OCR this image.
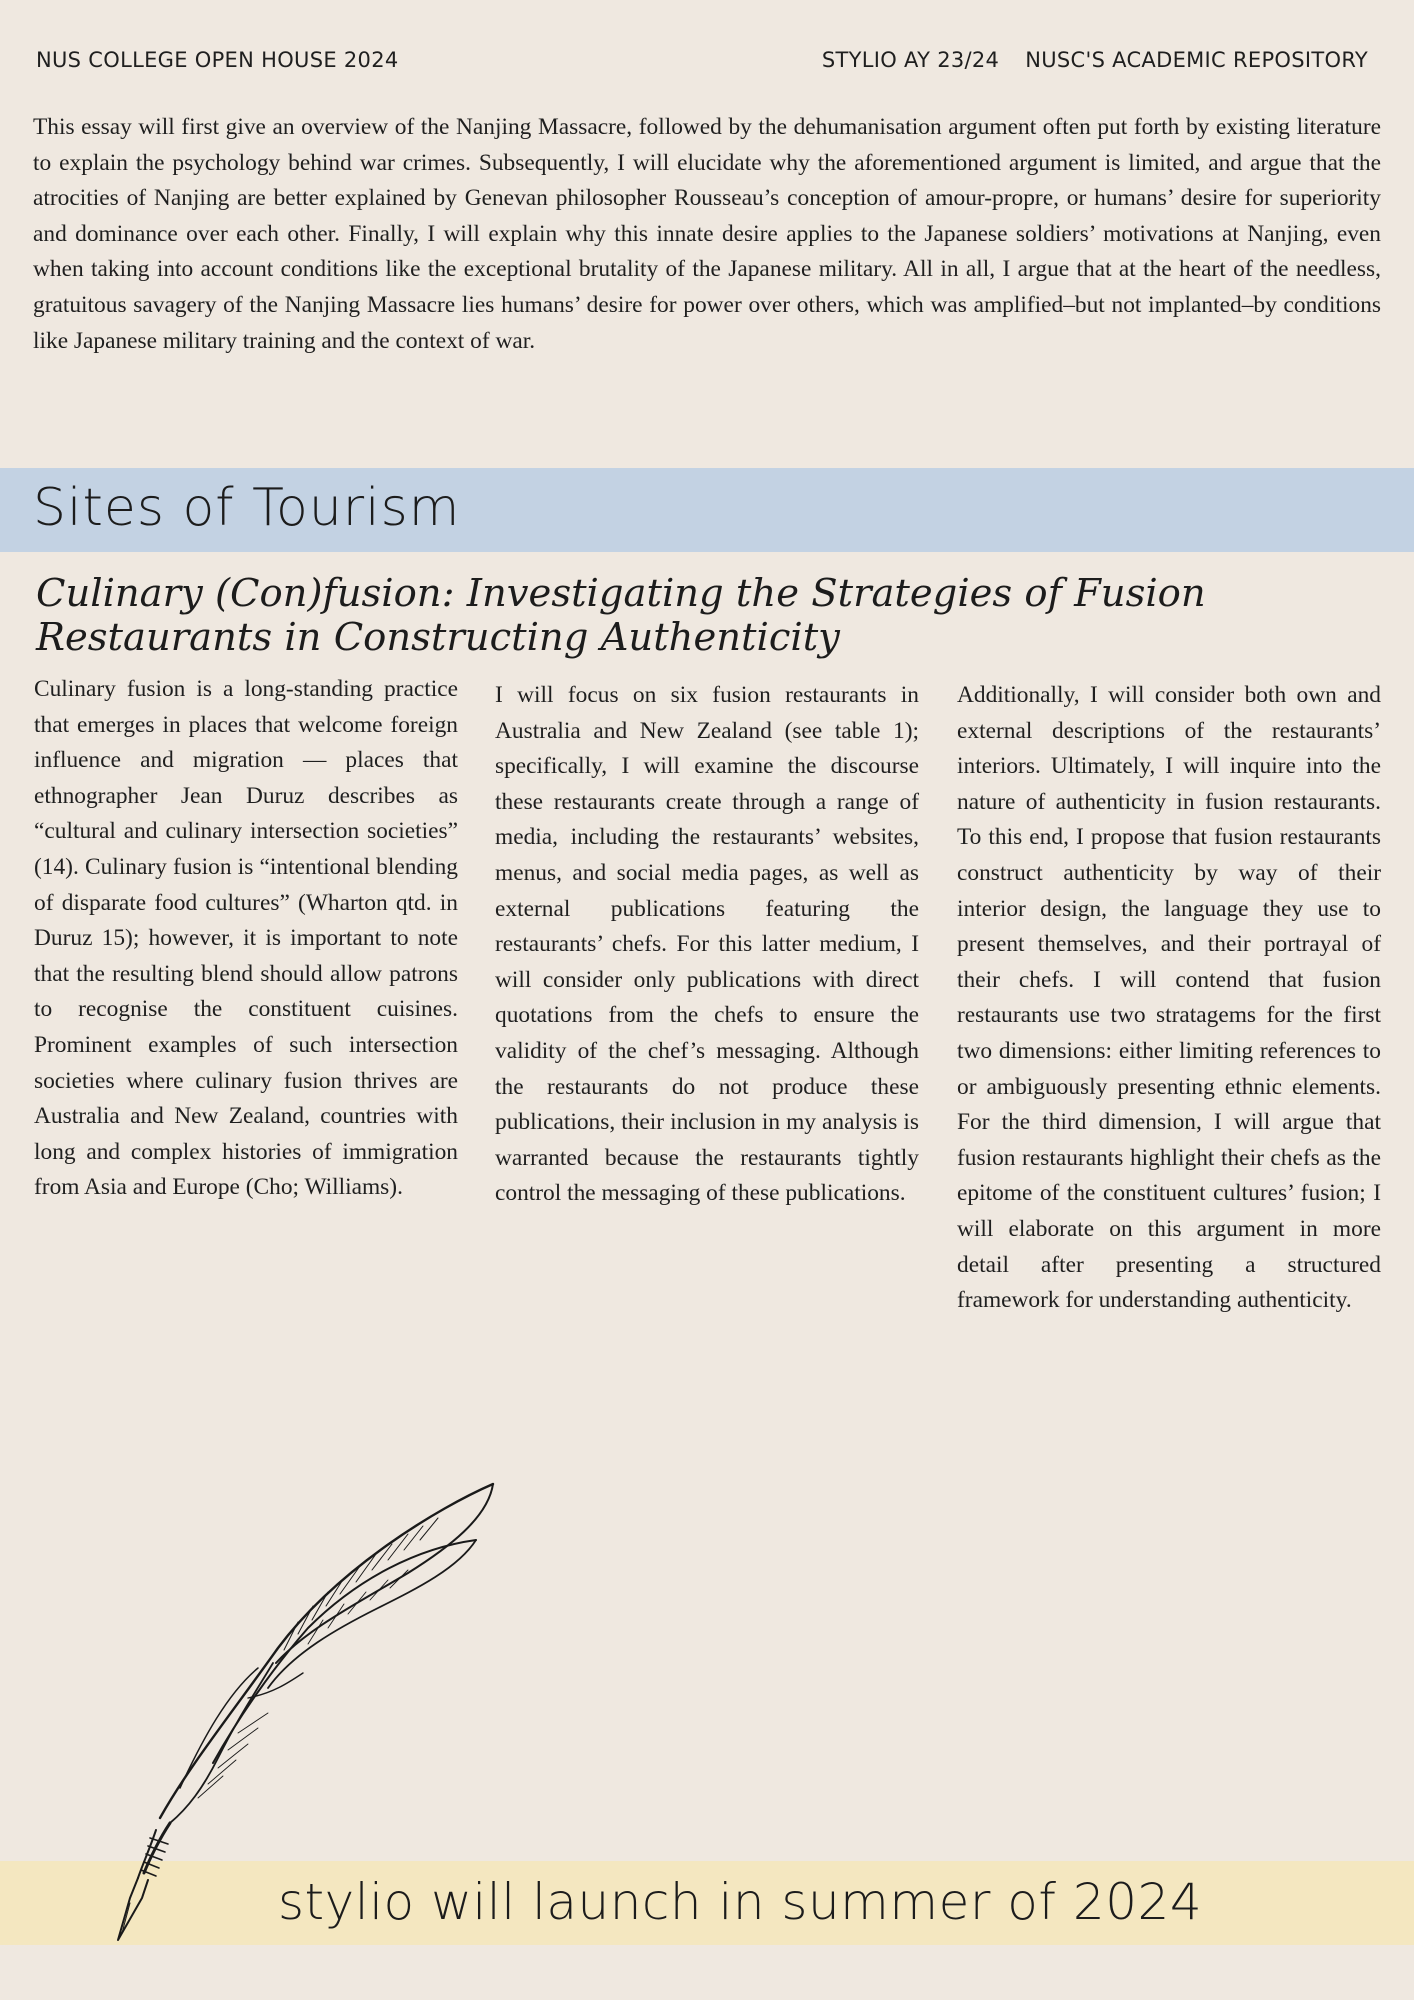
NUS COLLEGE OPEN HOUSE 2024	STYLIO AY 23/24 NUSC'S ACADEMIC REPOSITORY

This essay will first give an overview of the Nanjing Massacre, followed by the dehumanisation argument often put forth by existing literature to explain the psychology behind war crimes. Subsequently, I will elucidate why the aforementioned argument is limited, and argue that the atrocities of Nanjing are better explained by Genevan philosopher Rousseau’s conception of amour-propre, or humans’ desire for superiority and dominance over each other. Finally, I will explain why this innate desire applies to the Japanese soldiers’ motivations at Nanjing, even when taking into account conditions like the exceptional brutality of the Japanese military. All in all, I argue that at the heart of the needless, gratuitous savagery of the Nanjing Massacre lies humans’ desire for power over others, which was amplified–but not implanted–by conditions like Japanese military training and the context of war.

Sites of Tourism
Culinary (Con)fusion: Investigating the Strategies of Fusion Restaurants in Constructing Authenticity

Culinary fusion is a long-standing practice that emerges in places that welcome foreign influence and migration — places that ethnographer Jean Duruz describes as “cultural and culinary intersection societies” (14). Culinary fusion is “intentional blending of disparate food cultures” (Wharton qtd. in Duruz 15); however, it is important to note that the resulting blend should allow patrons to recognise the constituent cuisines. Prominent examples of such intersection societies where culinary fusion thrives are Australia and New Zealand, countries with long and complex histories of immigration from Asia and Europe (Cho; Williams).

I will focus on six fusion restaurants in Australia and New Zealand (see table 1); specifically, I will examine the discourse these restaurants create through a range of media, including the restaurants’ websites, menus, and social media pages, as well as external publications featuring the restaurants’ chefs. For this latter medium, I will consider only publications with direct quotations from the chefs to ensure the validity of the chef’s messaging. Although the restaurants do not produce these publications, their inclusion in my analysis is warranted because the restaurants tightly control the messaging of these publications.

Additionally, I will consider both own and external descriptions of the restaurants’ interiors. Ultimately, I will inquire into the nature of authenticity in fusion restaurants. To this end, I propose that fusion restaurants construct authenticity by way of their interior design, the language they use to present themselves, and their portrayal of their chefs. I will contend that fusion restaurants use two stratagems for the first two dimensions: either limiting references to or ambiguously presenting ethnic elements. For the third dimension, I will argue that fusion restaurants highlight their chefs as the epitome of the constituent cultures’ fusion; I will elaborate on this argument in more detail after presenting a structured framework for understanding authenticity.

stylio will launch in summer of 2024
